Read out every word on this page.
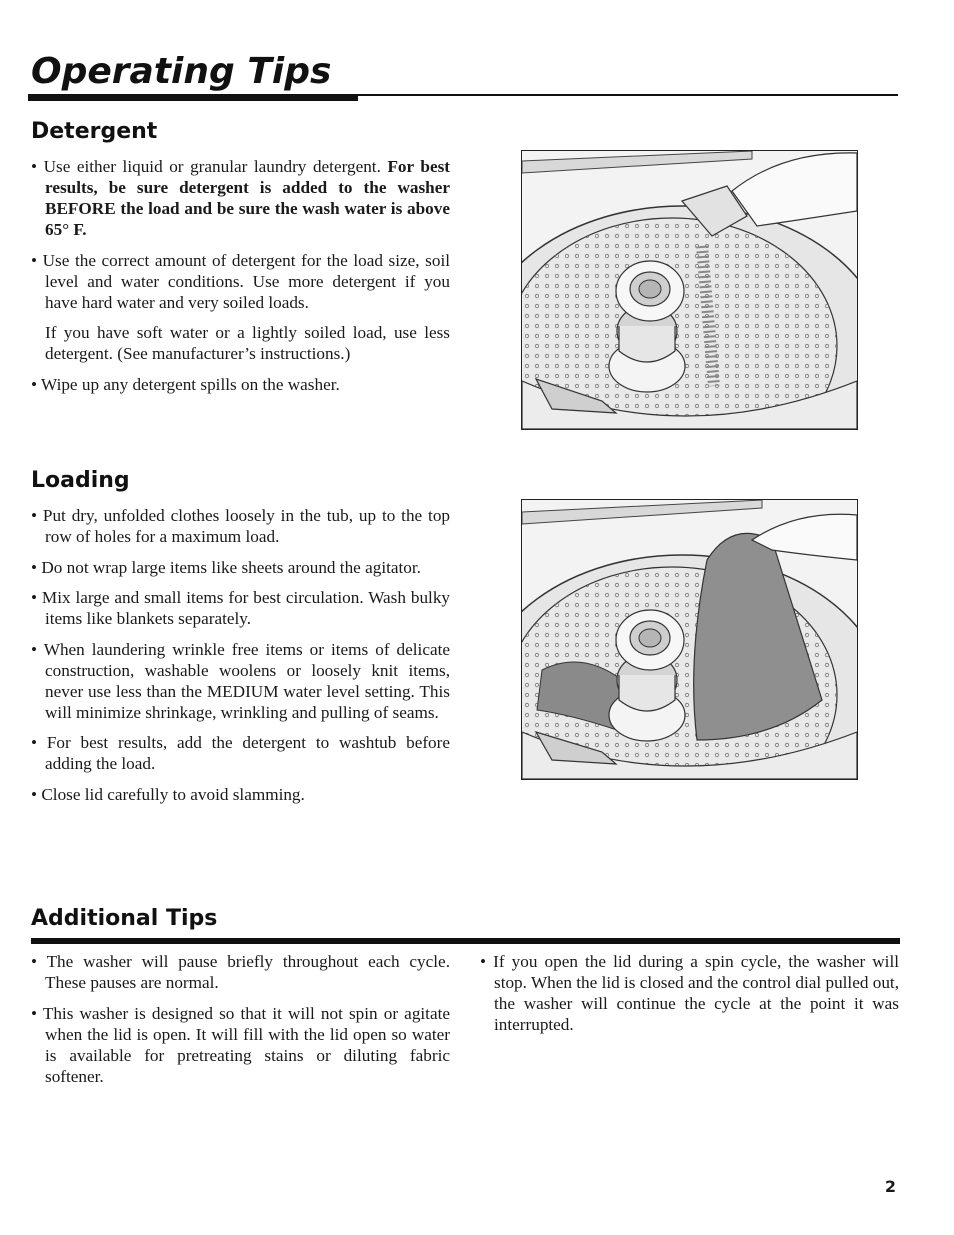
Operating Tips
Detergent

• Use either liquid or granular laundry detergent. For best results, be sure detergent is added to the washer BEFORE the load and be sure the wash water is above 65° F.

• Use the correct amount of detergent for the load size, soil level and water conditions. Use more detergent if you have hard water and very soiled loads.

If you have soft water or a lightly soiled load, use less detergent. (See manufacturer’s instructions.)

• Wipe up any detergent spills on the washer.

Loading

• Put dry, unfolded clothes loosely in the tub, up to the top row of holes for a maximum load.

• Do not wrap large items like sheets around the agitator.

• Mix large and small items for best circulation. Wash bulky items like blankets separately.

• When laundering wrinkle free items or items of delicate construction, washable woolens or loosely knit items, never use less than the MEDIUM water level setting. This will minimize shrinkage, wrinkling and pulling of seams.

• For best results, add the detergent to washtub before adding the load.

• Close lid carefully to avoid slamming.

Additional Tips

• The washer will pause briefly throughout each cycle. These pauses are normal.

• This washer is designed so that it will not spin or agitate when the lid is open. It will fill with the lid open so water is available for pretreating stains or diluting fabric softener.

• If you open the lid during a spin cycle, the washer will stop. When the lid is closed and the control dial pulled out, the washer will continue the cycle at the point it was interrupted.

2
